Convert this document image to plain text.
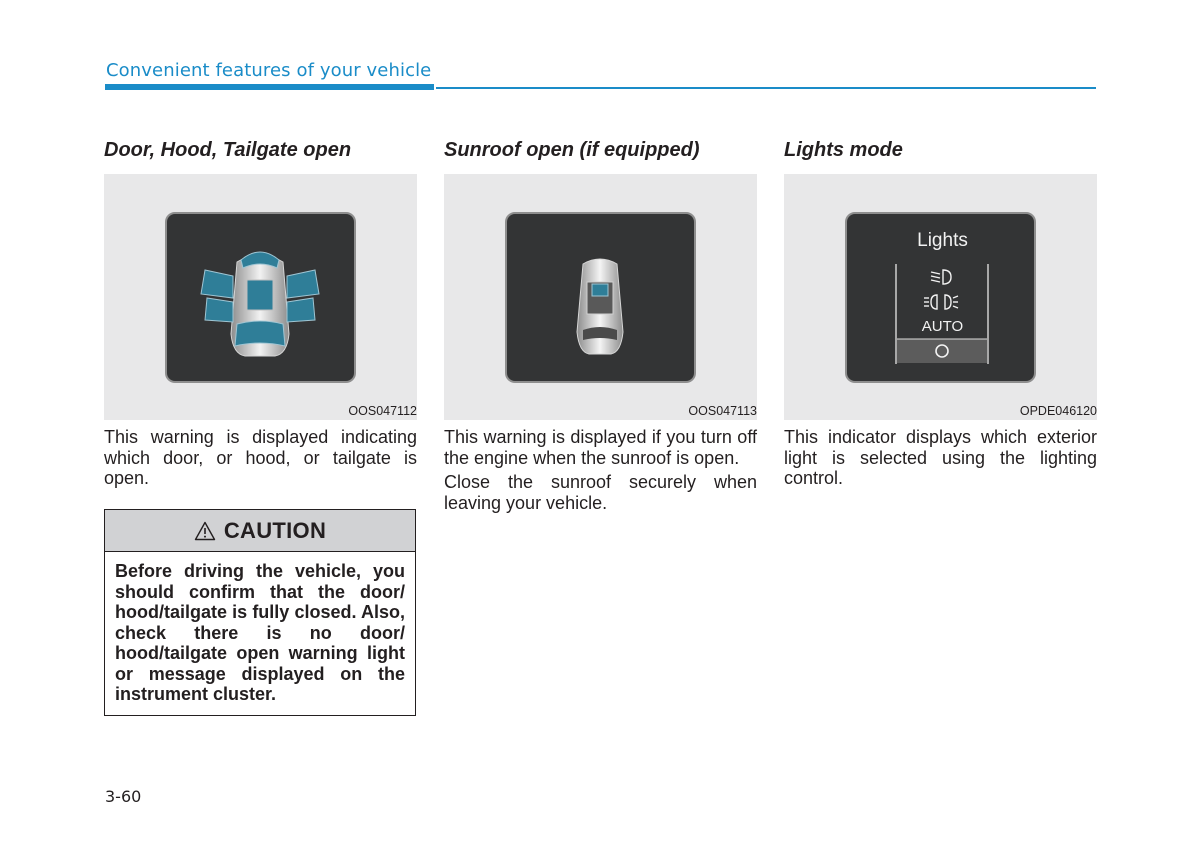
Convenient features of your vehicle
Door, Hood, Tailgate open
OOS047112

This warning is displayed indicating which door, or hood, or tailgate is open.

Sunroof open (if equipped)
OOS047113

This warning is displayed if you turn off the engine when the sunroof is open.

Close the sunroof securely when leaving your vehicle.

Lights mode
Lights
AUTO
OPDE046120

This indicator displays which exterior light is selected using the lighting control.

CAUTION
Before driving the vehicle, you should confirm that the door/ hood/tailgate is fully closed. Also, check there is no door/ hood/tailgate open warning light or message displayed on the instrument cluster.
3-60
